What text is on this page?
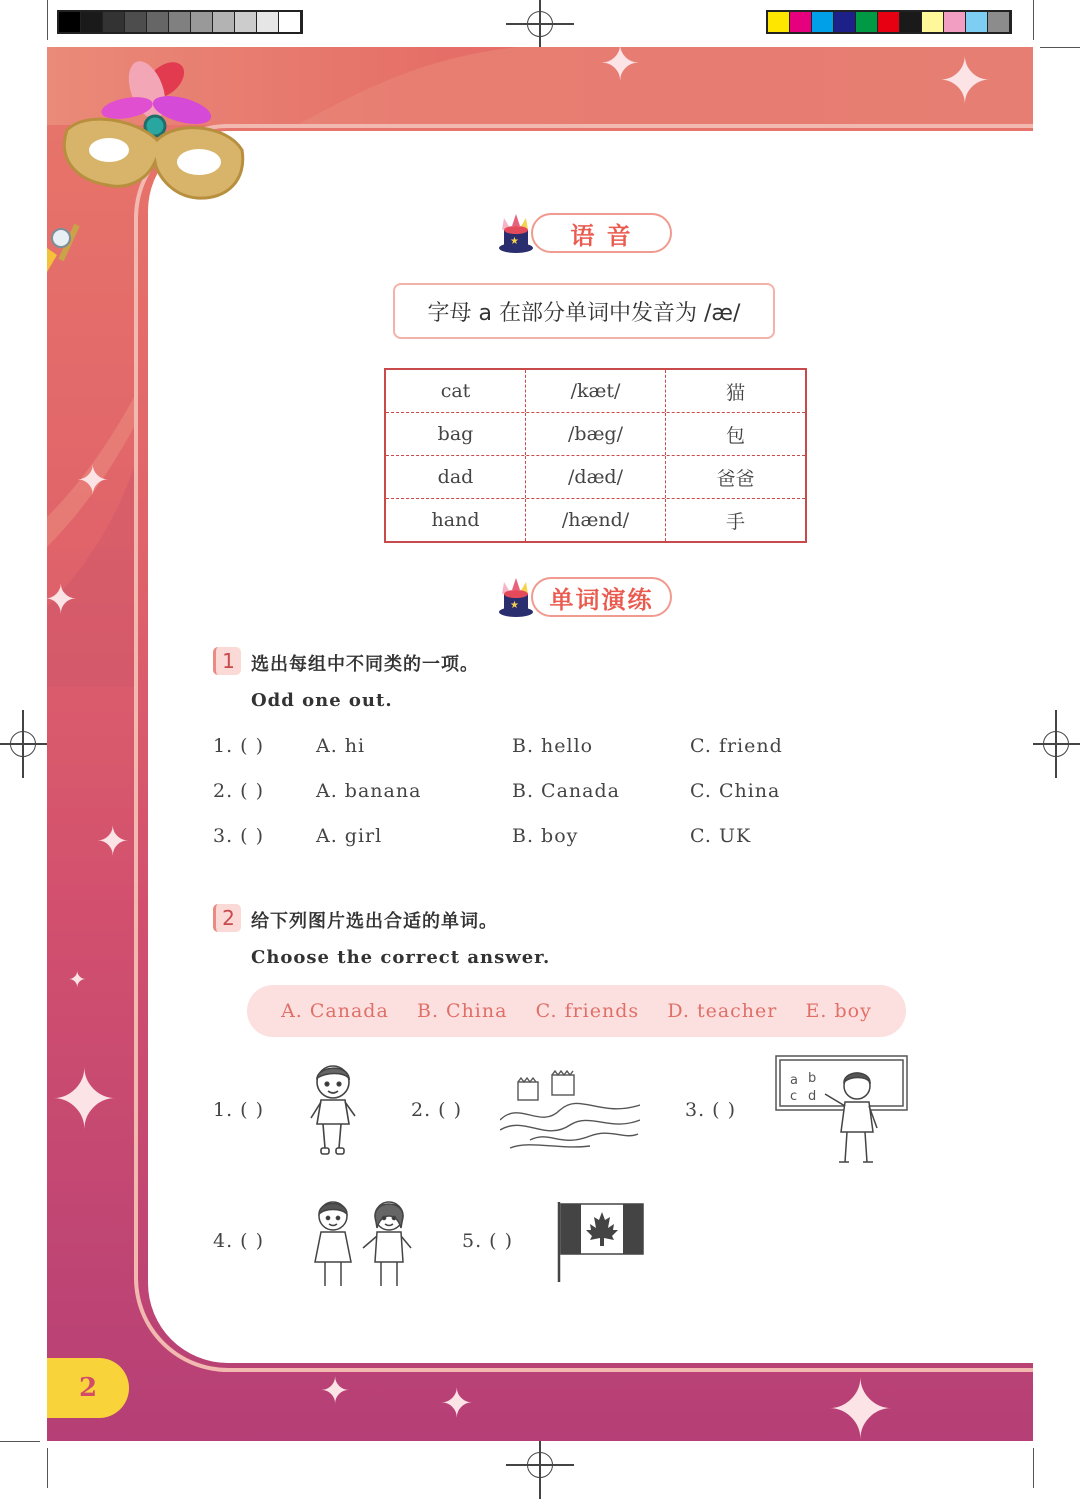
✦	✦
✦
✦
✦
✦
✦
✦ ✦	✦
★	语 音
字母 a 在部分单词中发音为 /æ/
cat	/kæt/	猫
bag	/bæg/	包
dad	/dæd/	爸爸
hand	/hænd/	手
★	单词演练
1 选出每组中不同类的一项。
Odd one out.
1. ( )	A. hi	B. hello	C. friend
2. ( )	A. banana	B. Canada	C. China
3. ( )	A. girl	B. boy	C. UK
2 给下列图片选出合适的单词。
Choose the correct answer.
A. Canada B. China C. friends D. teacher E. boy
1. ( )	2. ( )	3. ( )
a b
c d
4. ( )	5. ( )
2
